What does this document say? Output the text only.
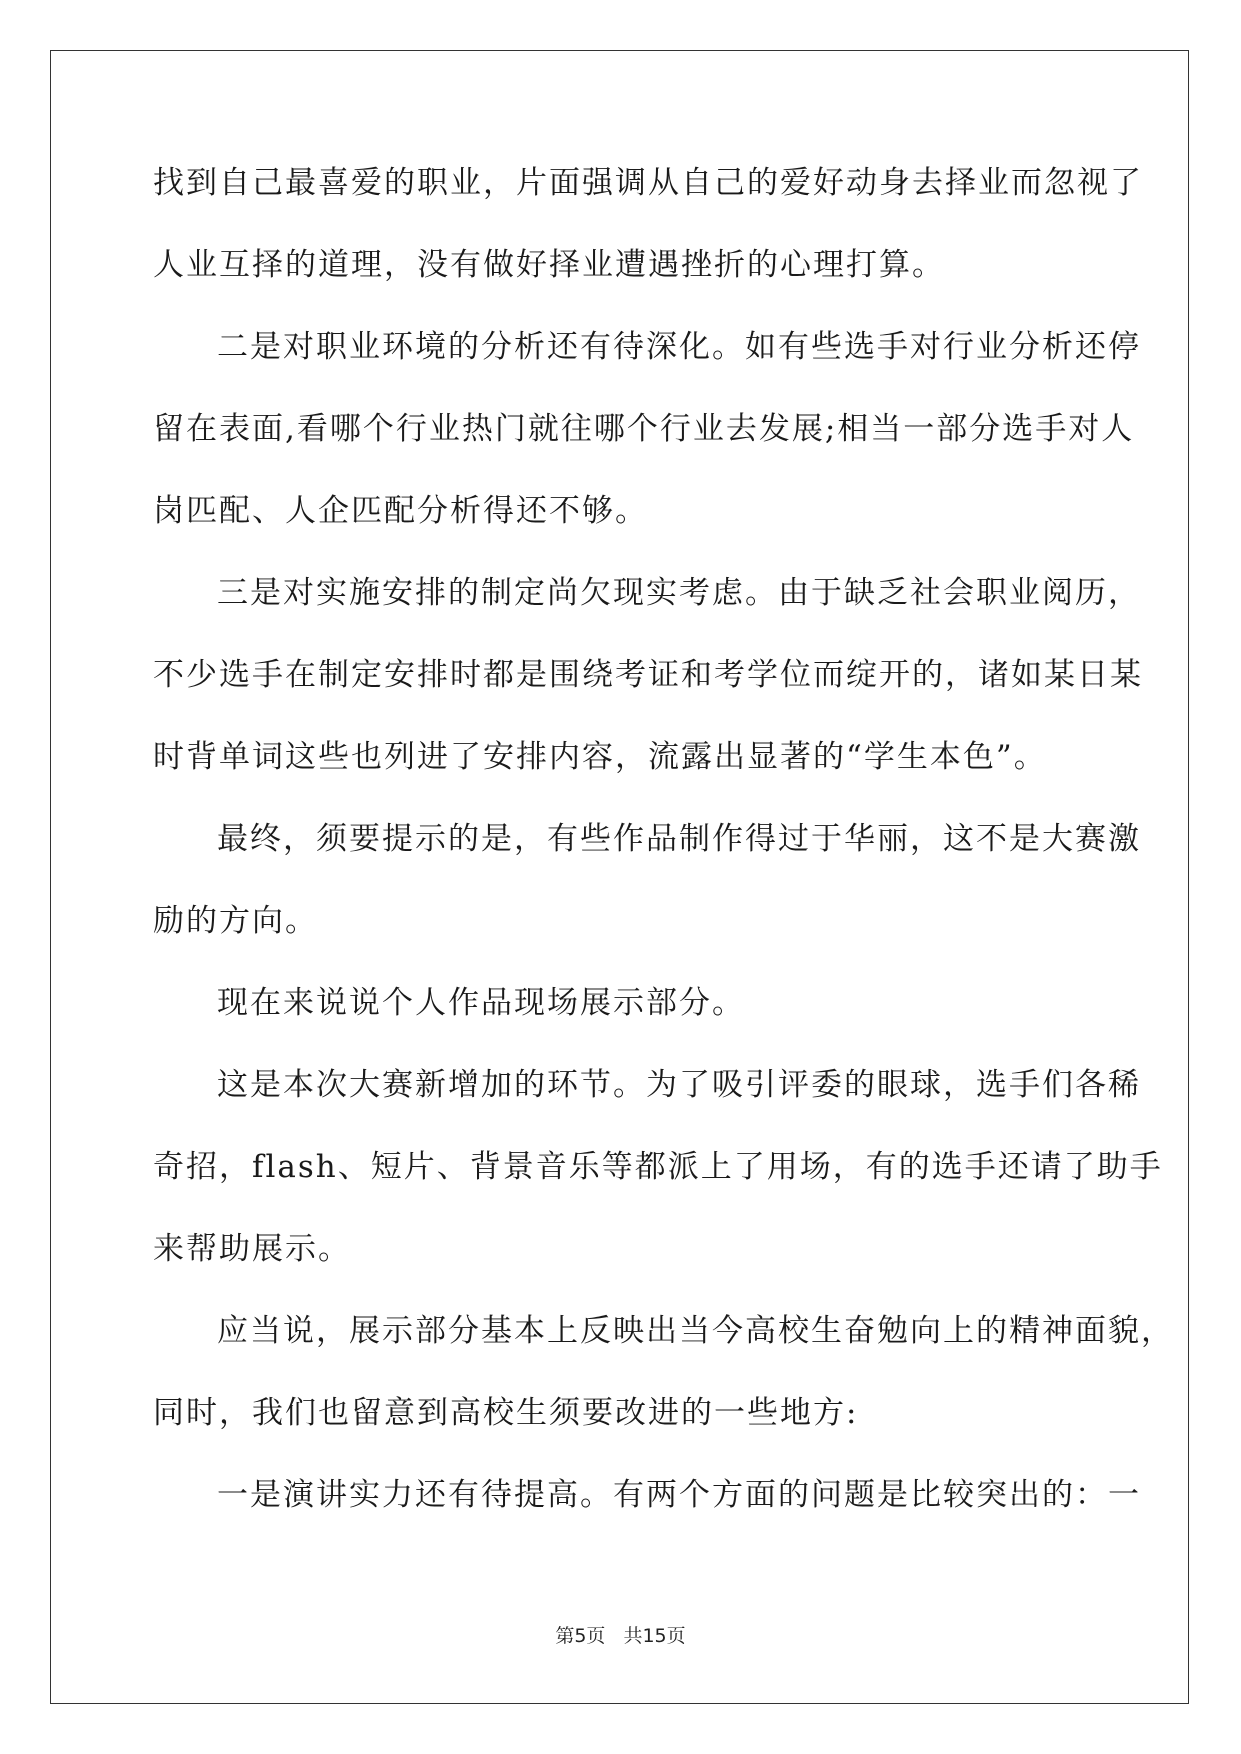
找到自己最喜爱的职业，片面强调从自己的爱好动身去择业而忽视了
人业互择的道理，没有做好择业遭遇挫折的心理打算。
二是对职业环境的分析还有待深化。如有些选手对行业分析还停
留在表面,看哪个行业热门就往哪个行业去发展;相当一部分选手对人
岗匹配、人企匹配分析得还不够。
三是对实施安排的制定尚欠现实考虑。由于缺乏社会职业阅历，
不少选手在制定安排时都是围绕考证和考学位而绽开的，诸如某日某
时背单词这些也列进了安排内容，流露出显著的“学生本色”。
最终，须要提示的是，有些作品制作得过于华丽，这不是大赛激
励的方向。
现在来说说个人作品现场展示部分。
这是本次大赛新增加的环节。为了吸引评委的眼球，选手们各稀
奇招，flash、短片、背景音乐等都派上了用场，有的选手还请了助手
来帮助展示。
应当说，展示部分基本上反映出当今高校生奋勉向上的精神面貌，
同时，我们也留意到高校生须要改进的一些地方:
一是演讲实力还有待提高。有两个方面的问题是比较突出的：一
第5页 共15页
